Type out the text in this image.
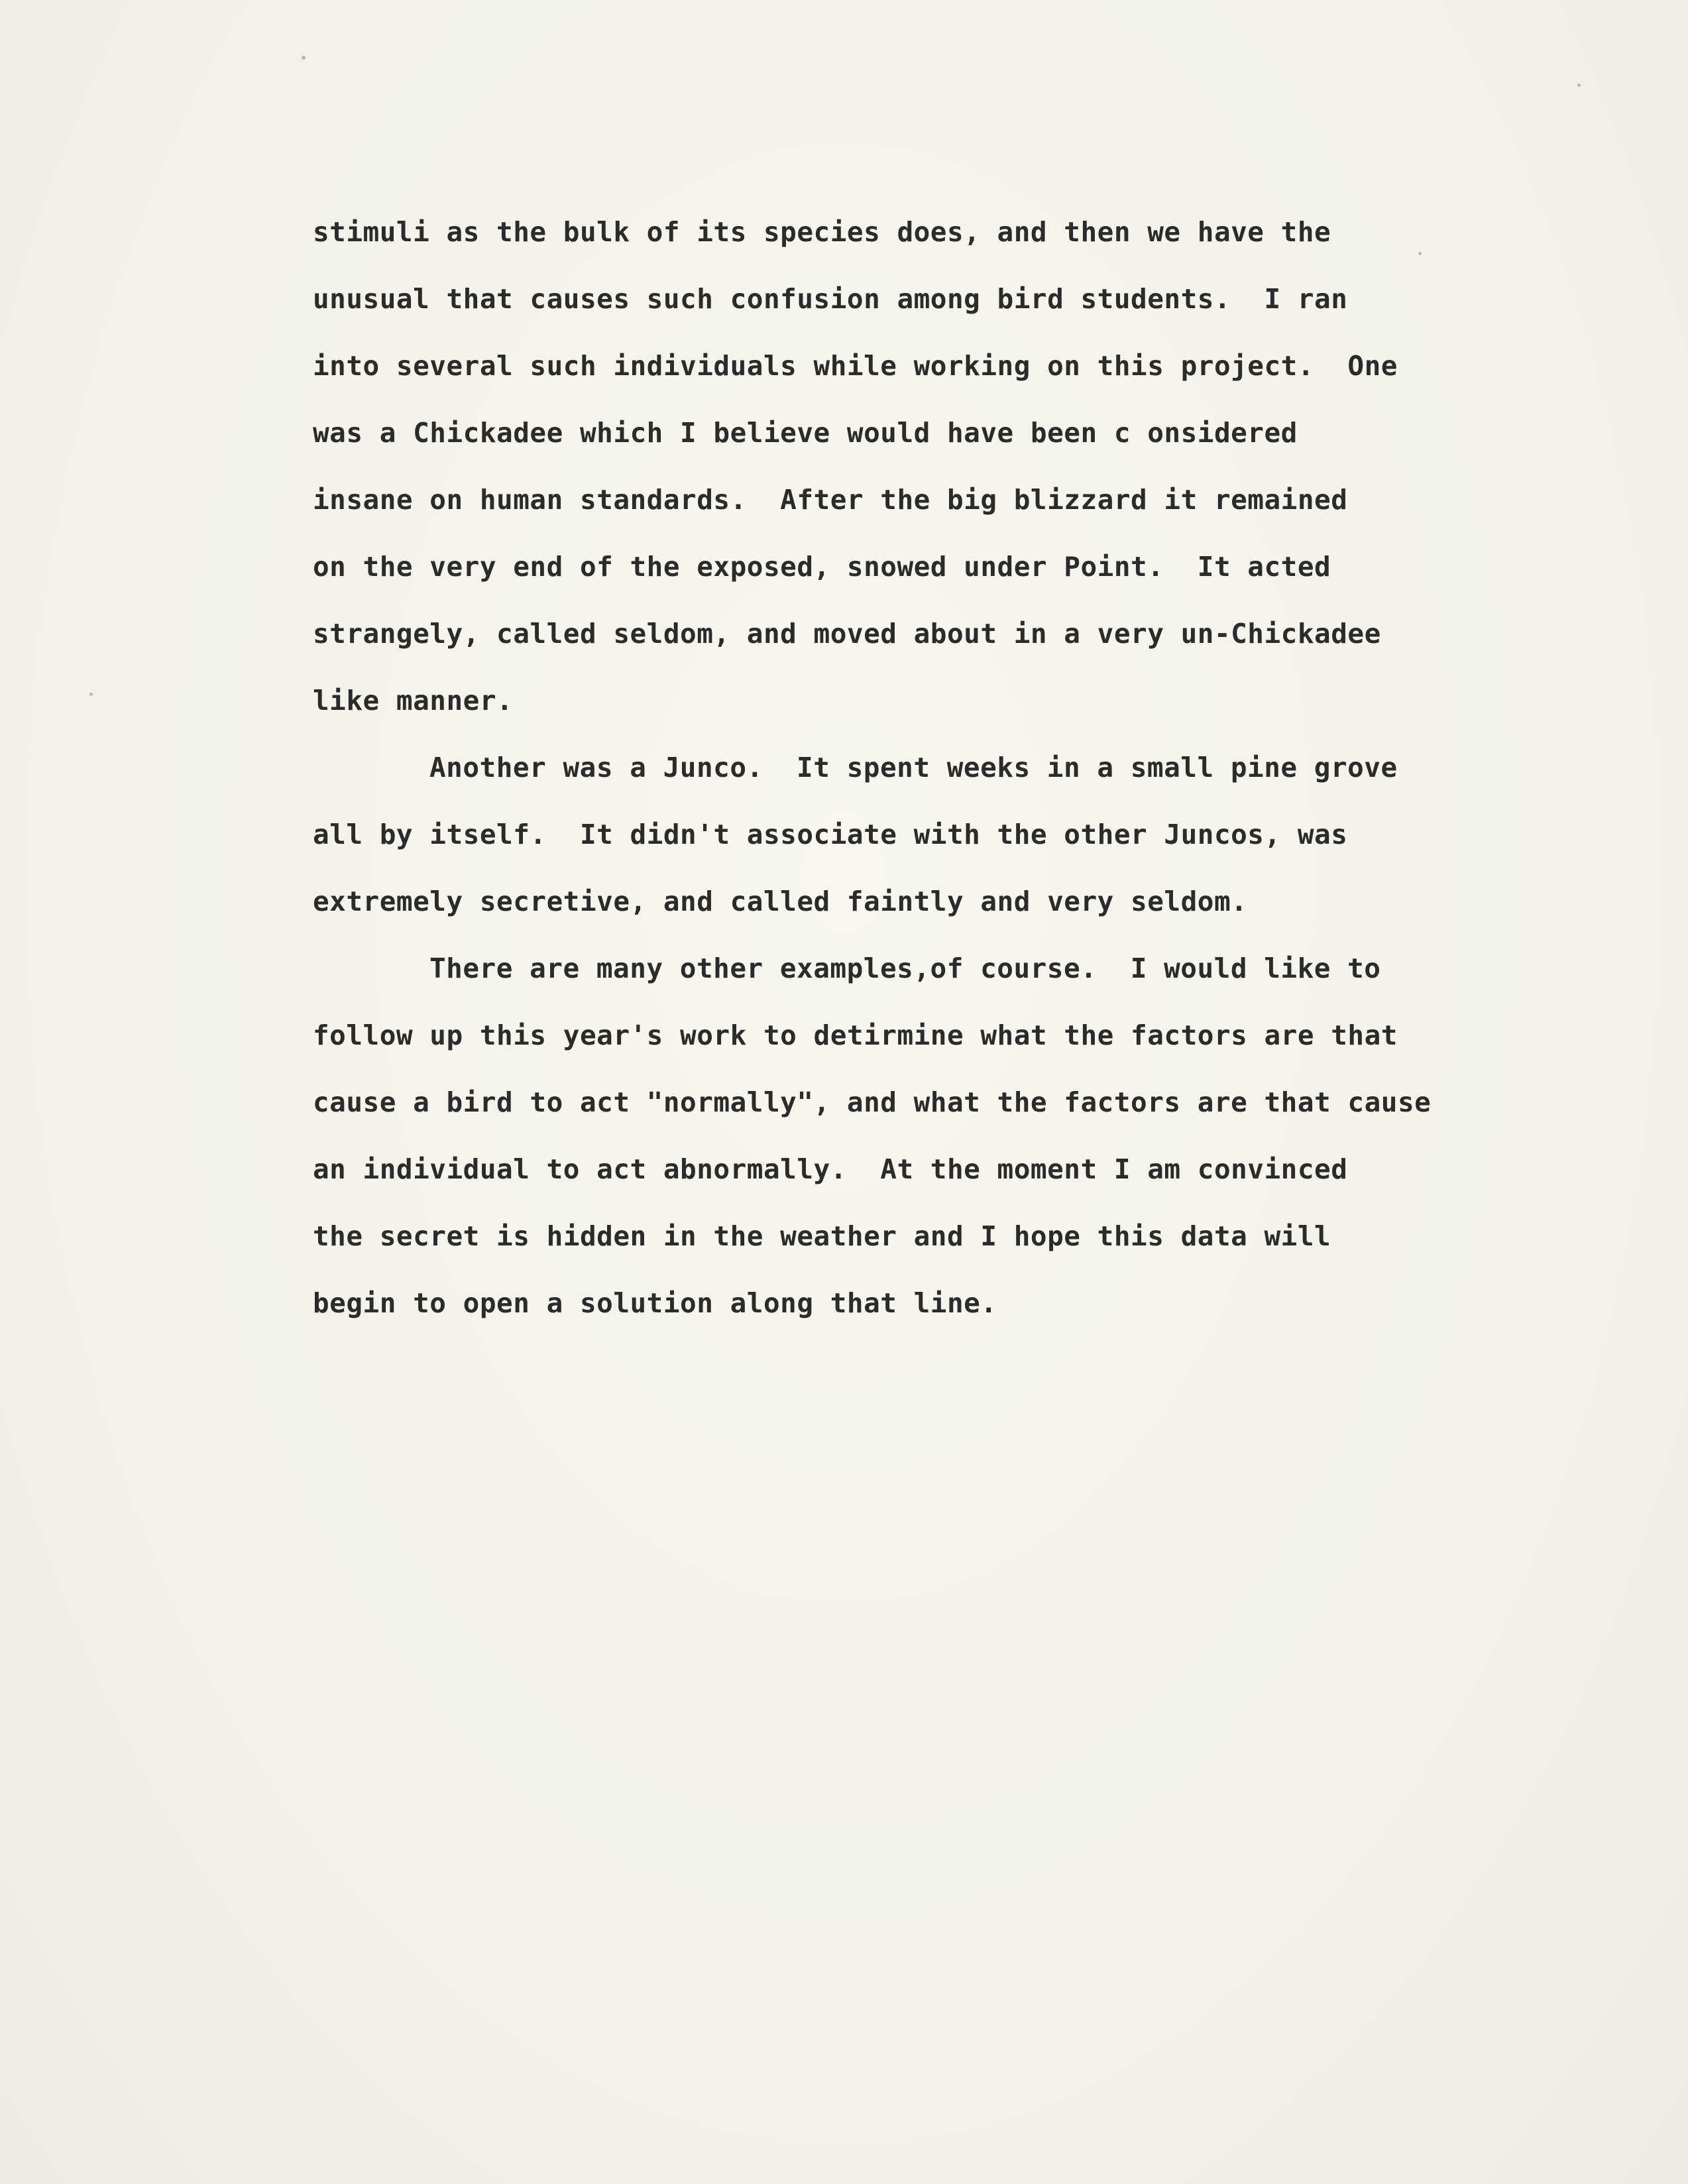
stimuli as the bulk of its species does, and then we have the
unusual that causes such confusion among bird students.  I ran
into several such individuals while working on this project.  One
was a Chickadee which I believe would have been c onsidered
insane on human standards.  After the big blizzard it remained
on the very end of the exposed, snowed under Point.  It acted
strangely, called seldom, and moved about in a very un-Chickadee
like manner.
Another was a Junco.  It spent weeks in a small pine grove
all by itself.  It didn't associate with the other Juncos, was
extremely secretive, and called faintly and very seldom.
There are many other examples,of course.  I would like to
follow up this year's work to detirmine what the factors are that
cause a bird to act "normally", and what the factors are that cause
an individual to act abnormally.  At the moment I am convinced
the secret is hidden in the weather and I hope this data will
begin to open a solution along that line.
